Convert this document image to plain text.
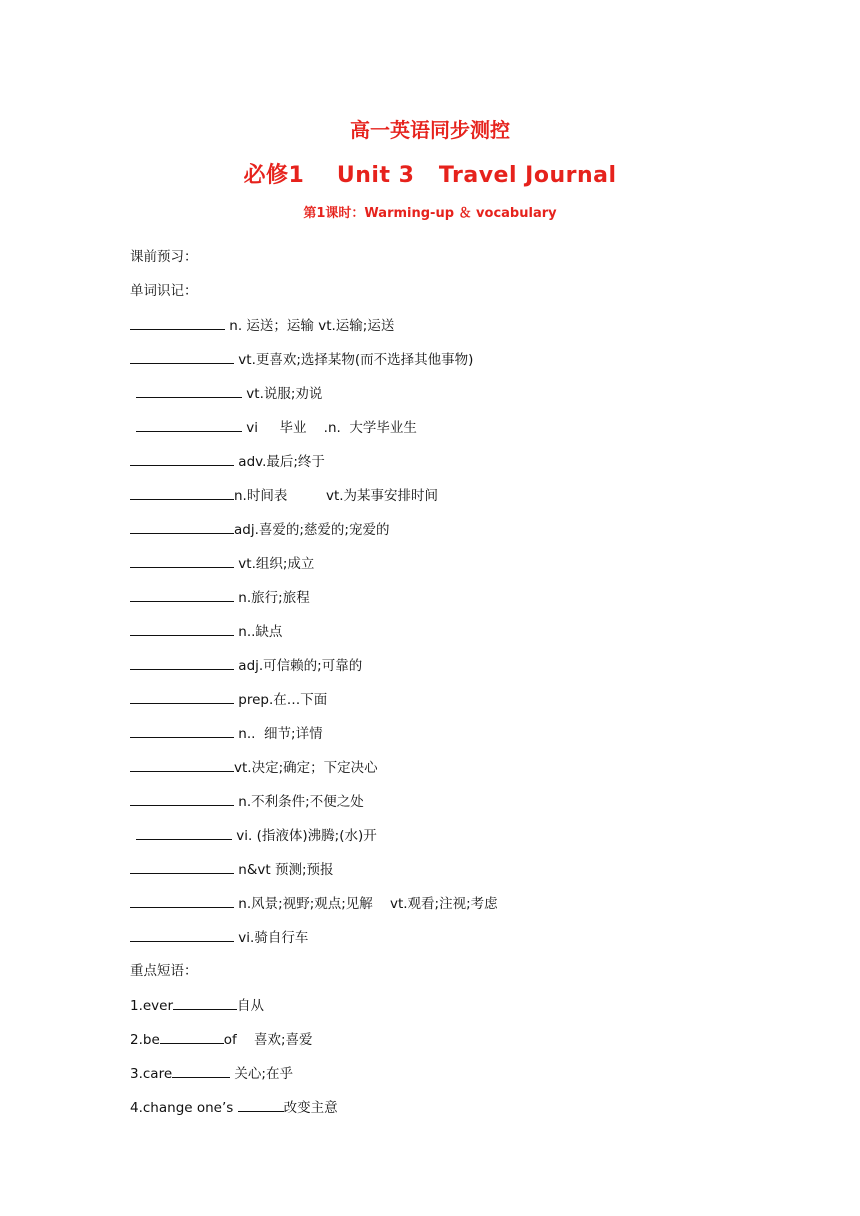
高一英语同步测控
必修1    Unit 3   Travel Journal
第1课时：Warming-up ＆ vocabulary
课前预习：
单词识记：
n. 运送；运输 vt.运输;运送
vt.更喜欢;选择某物(而不选择其他事物)
vt.说服;劝说
vi     毕业    .n.  大学毕业生
adv.最后;终于
n.时间表         vt.为某事安排时间
adj.喜爱的;慈爱的;宠爱的
vt.组织;成立
n.旅行;旅程
n..缺点
adj.可信赖的;可靠的
prep.在…下面
n..  细节;详情
vt.决定;确定；下定决心
n.不利条件;不便之处
vi. (指液体)沸腾;(水)开
n&vt 预测;预报
n.风景;视野;观点;见解    vt.观看;注视;考虑
vi.骑自行车
重点短语：
1.ever	自从
2.be	of    喜欢;喜爱
3.care	关心;在乎
4.change one’s	改变主意
